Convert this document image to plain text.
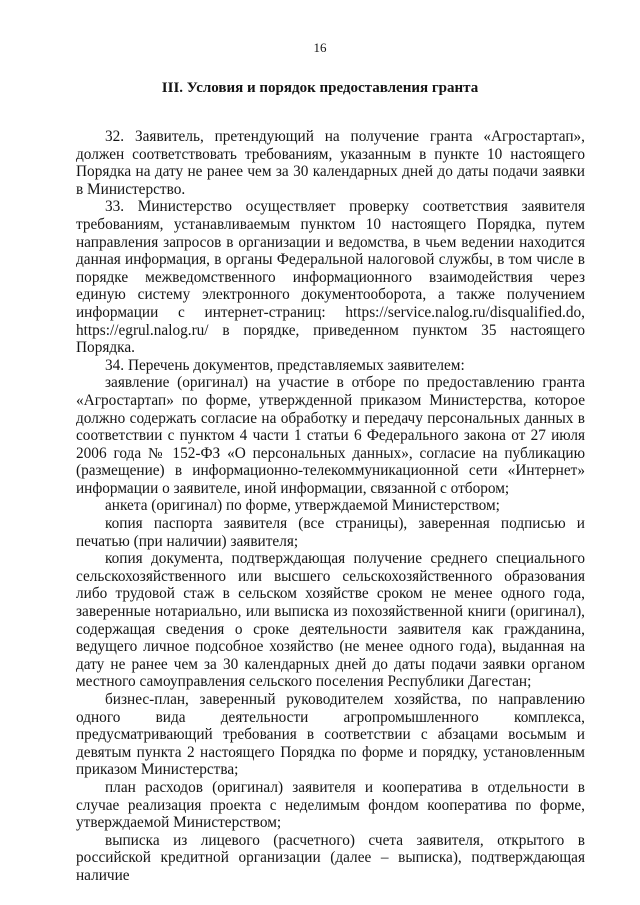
16
III. Условия и порядок предоставления гранта

32. Заявитель, претендующий на получение гранта «Агростартап», должен соответствовать требованиям, указанным в пункте 10 настоящего Порядка на дату не ранее чем за 30 календарных дней до даты подачи заявки в Министерство.

33. Министерство осуществляет проверку соответствия заявителя требованиям, устанавливаемым пунктом 10 настоящего Порядка, путем направления запросов в организации и ведомства, в чьем ведении находится данная информация, в органы Федеральной налоговой службы, в том числе в порядке межведомственного информационного взаимодействия через единую систему электронного документооборота, а также получением информации с интернет-страниц: https://service.nalog.ru/disqualified.do, https://egrul.nalog.ru/ в порядке, приведенном пунктом 35 настоящего Порядка.

34. Перечень документов, представляемых заявителем:

заявление (оригинал) на участие в отборе по предоставлению гранта «Агростартап» по форме, утвержденной приказом Министерства, которое должно содержать согласие на обработку и передачу персональных данных в соответствии с пунктом 4 части 1 статьи 6 Федерального закона от 27 июля 2006 года № 152-ФЗ «О персональных данных», согласие на публикацию (размещение) в информационно-телекоммуникационной сети «Интернет» информации о заявителе, иной информации, связанной с отбором;

анкета (оригинал) по форме, утверждаемой Министерством;

копия паспорта заявителя (все страницы), заверенная подписью и печатью (при наличии) заявителя;

копия документа, подтверждающая получение среднего специального сельскохозяйственного или высшего сельскохозяйственного образования либо трудовой стаж в сельском хозяйстве сроком не менее одного года, заверенные нотариально, или выписка из похозяйственной книги (оригинал), содержащая сведения о сроке деятельности заявителя как гражданина, ведущего личное подсобное хозяйство (не менее одного года), выданная на дату не ранее чем за 30 календарных дней до даты подачи заявки органом местного самоуправления сельского поселения Республики Дагестан;

бизнес-план, заверенный руководителем хозяйства, по направлению одного вида деятельности агропромышленного комплекса, предусматривающий требования в соответствии с абзацами восьмым и девятым пункта 2 настоящего Порядка по форме и порядку, установленным приказом Министерства;

план расходов (оригинал) заявителя и кооператива в отдельности в случае реализация проекта с неделимым фондом кооператива по форме, утверждаемой Министерством;

выписка из лицевого (расчетного) счета заявителя, открытого в российской кредитной организации (далее – выписка), подтверждающая наличие
